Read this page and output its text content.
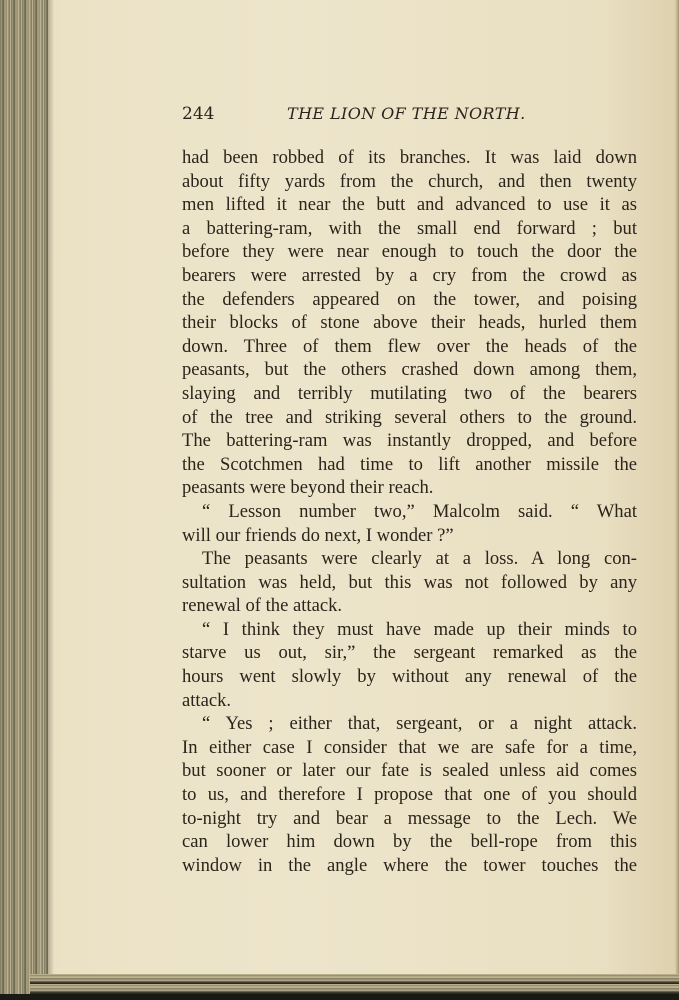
244	THE LION OF THE NORTH.
had been robbed of its branches. It was laid down
about fifty yards from the church, and then twenty
men lifted it near the butt and advanced to use it as
a battering-ram, with the small end forward ; but
before they were near enough to touch the door the
bearers were arrested by a cry from the crowd as
the defenders appeared on the tower, and poising
their blocks of stone above their heads, hurled them
down. Three of them flew over the heads of the
peasants, but the others crashed down among them,
slaying and terribly mutilating two of the bearers
of the tree and striking several others to the ground.
The battering-ram was instantly dropped, and before
the Scotchmen had time to lift another missile the
peasants were beyond their reach.
“ Lesson number two,” Malcolm said. “ What
will our friends do next, I wonder ?”
The peasants were clearly at a loss. A long con-
sultation was held, but this was not followed by any
renewal of the attack.
“ I think they must have made up their minds to
starve us out, sir,” the sergeant remarked as the
hours went slowly by without any renewal of the
attack.
“ Yes ; either that, sergeant, or a night attack.
In either case I consider that we are safe for a time,
but sooner or later our fate is sealed unless aid comes
to us, and therefore I propose that one of you should
to-night try and bear a message to the Lech. We
can lower him down by the bell-rope from this
window in the angle where the tower touches the
